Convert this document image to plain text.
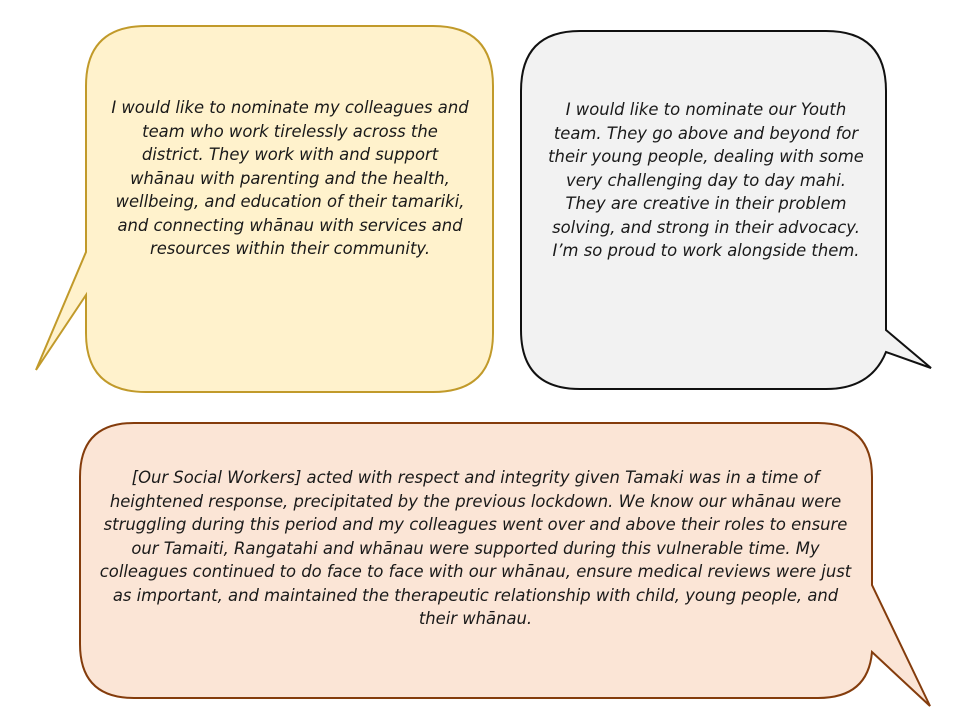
I would like to nominate my colleagues and team who work tirelessly across the district. They work with and support whānau with parenting and the health, wellbeing, and education of their tamariki, and connecting whānau with services and resources within their community.

I would like to nominate our Youth team. They go above and beyond for their young people, dealing with some very challenging day to day mahi. They are creative in their problem solving, and strong in their advocacy. I’m so proud to work alongside them.

[Our Social Workers] acted with respect and integrity given Tamaki was in a time of heightened response, precipitated by the previous lockdown. We know our whānau were struggling during this period and my colleagues went over and above their roles to ensure our Tamaiti, Rangatahi and whānau were supported during this vulnerable time. My colleagues continued to do face to face with our whānau, ensure medical reviews were just as important, and maintained the therapeutic relationship with child, young people, and their whānau.
